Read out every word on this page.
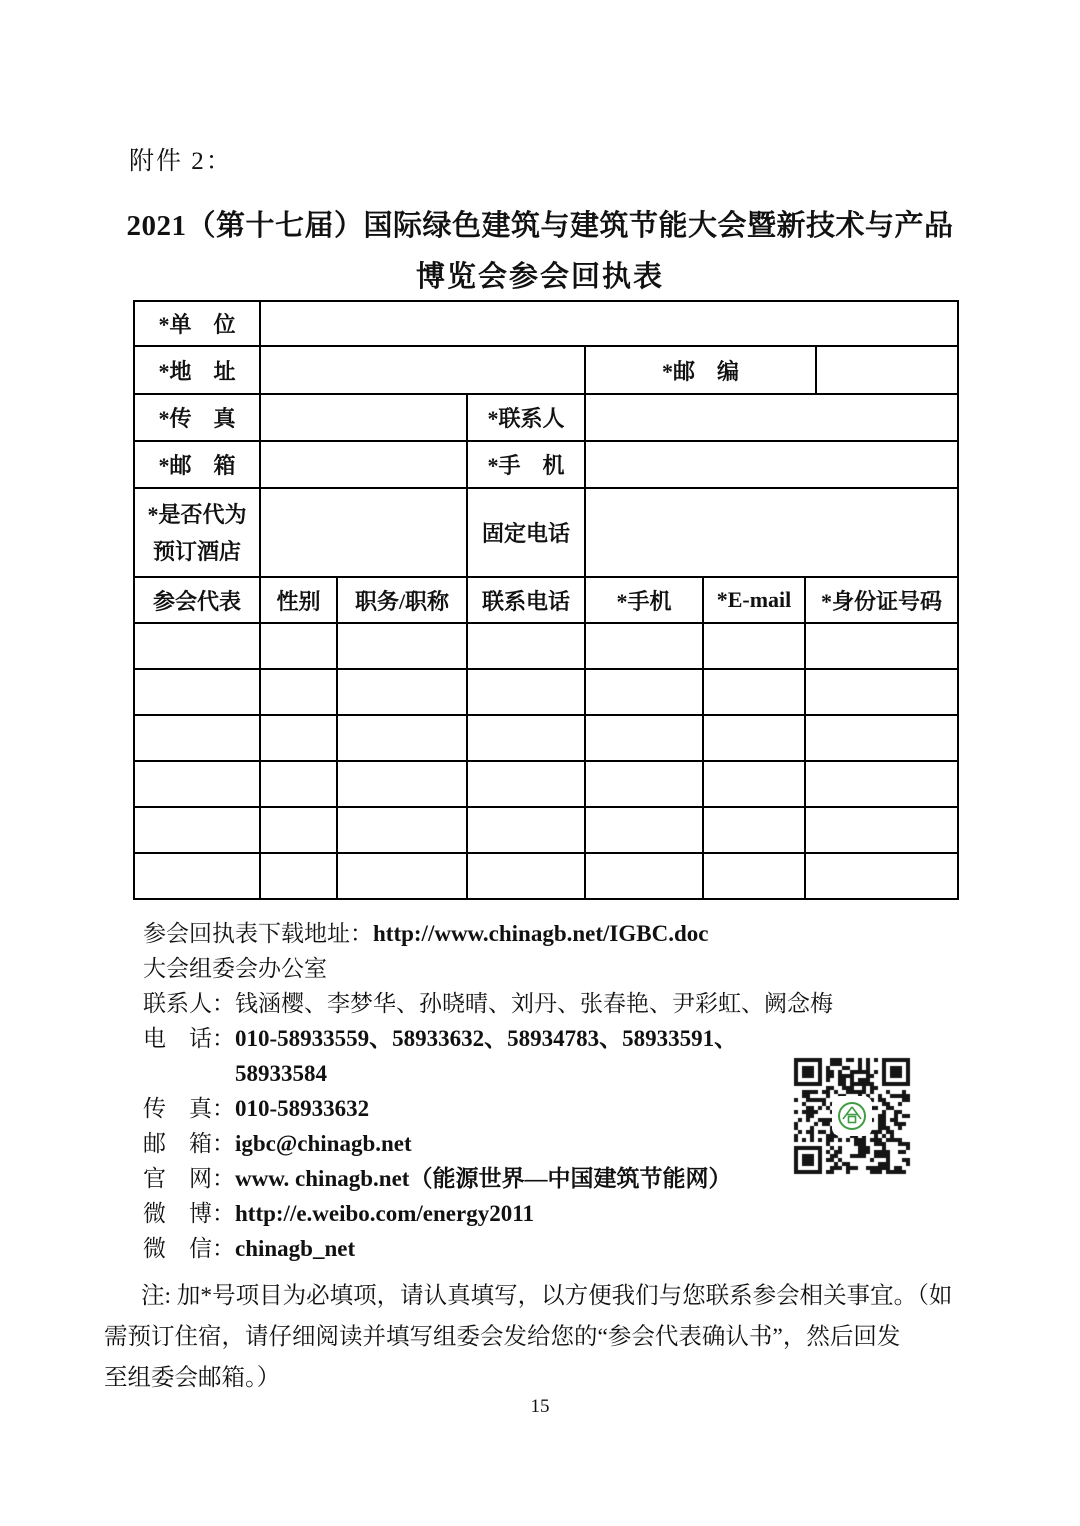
附件 2：
2021（第十七届）国际绿色建筑与建筑节能大会暨新技术与产品
博览会参会回执表
*单　位							
*地　址				*邮　编			
*传　真			*联系人				
*邮　箱			*手　机				

*是否代为
预订酒店			固定电话				
参会代表	性别	职务/职称	联系电话	*手机	*E-mail	*身份证号码	

参会回执表下载地址：http://www.chinagb.net/IGBC.doc
大会组委会办公室
联系人：钱涵樱、李梦华、孙晓晴、刘丹、张春艳、尹彩虹、阙念梅
电　话：010-58933559、58933632、58934783、58933591、
58933584
传　真：010-58933632
邮　箱：igbc@chinagb.net
官　网：www. chinagb.net（能源世界—中国建筑节能网）
微　博：http://e.weibo.com/energy2011
微　信：chinagb_net
注: 加*号项目为必填项，请认真填写，以方便我们与您联系参会相关事宜。（如
需预订住宿，请仔细阅读并填写组委会发给您的“参会代表确认书”，然后回发
至组委会邮箱。）
15
